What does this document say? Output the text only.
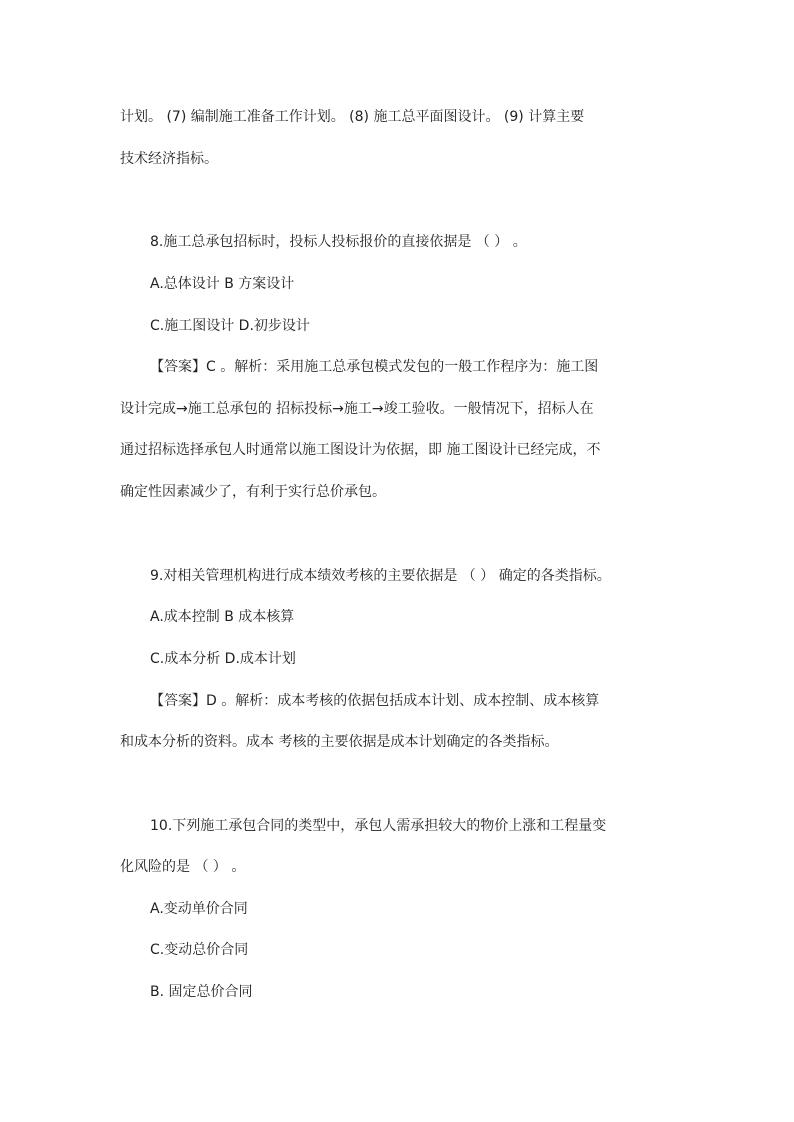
计划。 (7) 编制施工准备工作计划。 (8) 施工总平面图设计。 (9) 计算主要
技术经济指标。
8.施工总承包招标时，投标人投标报价的直接依据是 （ ） 。
A.总体设计 B 方案设计
C.施工图设计 D.初步设计
【答案】C 。解析：采用施工总承包模式发包的一般工作程序为：施工图
设计完成→施工总承包的 招标投标→施工→竣工验收。一般情况下，招标人在
通过招标选择承包人时通常以施工图设计为依据，即 施工图设计已经完成，不
确定性因素减少了，有利于实行总价承包。
9.对相关管理机构进行成本绩效考核的主要依据是 （ ） 确定的各类指标。
A.成本控制 B 成本核算
C.成本分析 D.成本计划
【答案】D 。解析：成本考核的依据包括成本计划、成本控制、成本核算
和成本分析的资料。成本 考核的主要依据是成本计划确定的各类指标。
10.下列施工承包合同的类型中，承包人需承担较大的物价上涨和工程量变
化风险的是 （ ） 。
A.变动单价合同
C.变动总价合同
B. 固定总价合同
